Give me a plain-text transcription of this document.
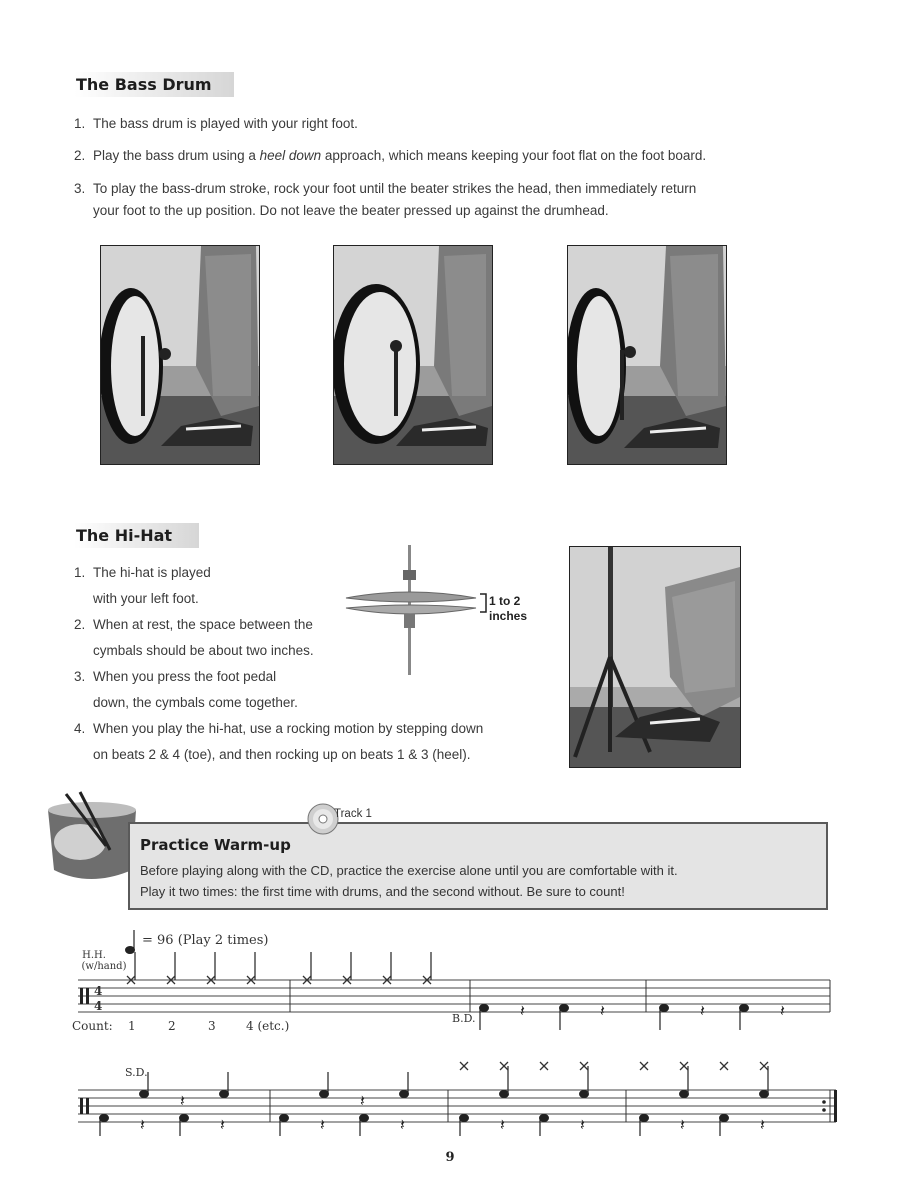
The Bass Drum
1. The bass drum is played with your right foot.
2. Play the bass drum using a heel down approach, which means keeping your foot flat on the foot board.
3. To play the bass-drum stroke, rock your foot until the beater strikes the head, then immediately return
your foot to the up position. Do not leave the beater pressed up against the drumhead.
The Hi-Hat
1. The hi-hat is played
with your left foot.
2. When at rest, the space between the
cymbals should be about two inches.
3. When you press the foot pedal
down, the cymbals come together.
4. When you play the hi-hat, use a rocking motion by stepping down
on beats 2 & 4 (toe), and then rocking up on beats 1 & 3 (heel).
1 to 2
inches
Practice Warm-up
Before playing along with the CD, practice the exercise alone until you are comfortable with it.
Play it two times: the first time with drums, and the second without. Be sure to count!
Track 1
= 96 (Play 2 times)
H.H.
(w/hand)
4
4	𝄽	𝄽	𝄽	𝄽
Count: 1	2	3	4 (etc.)
B.D.
S.D.
𝄽
𝄽
𝄽
𝄽
𝄽	𝄽	𝄽	𝄽	𝄽	𝄽
9
